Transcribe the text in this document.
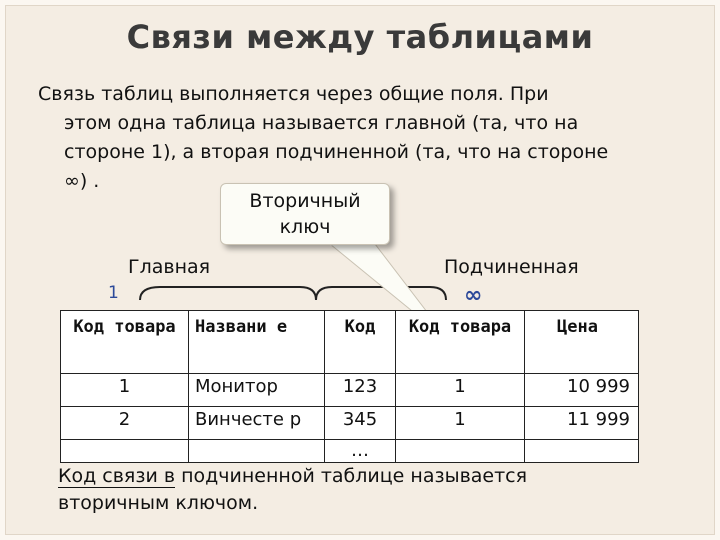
Связи между таблицами
Связь таблиц выполняется через общие поля. При
этом одна таблица называется главной (та, что на
стороне 1), а вторая подчиненной (та, что на стороне
∞) .
Вторичный
ключ
Главная	Подчиненная
1	∞
Код товара	Названи е	Код	Код товара	Цена
1	Монитор	123	1	10 999
2	Винчесте р	345	1	11 999
		…		
Код связи в подчиненной таблице называется
вторичным ключом.
